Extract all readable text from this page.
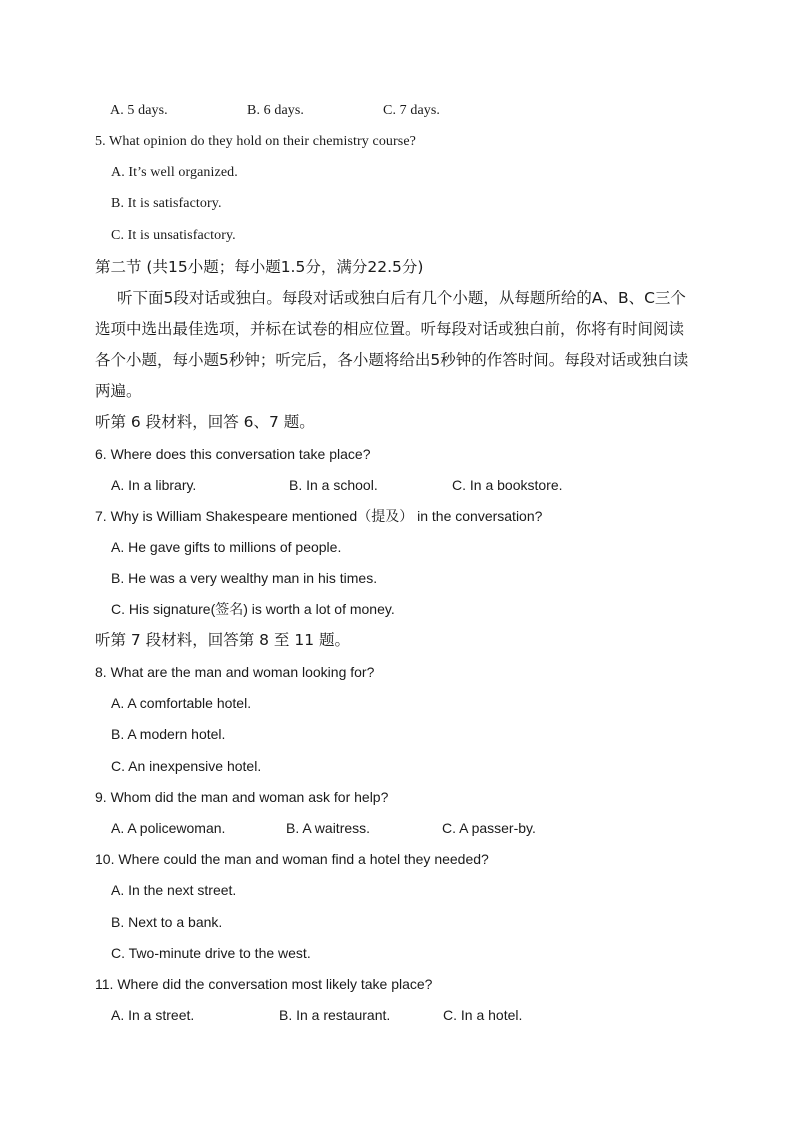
A. 5 days.	B. 6 days.	C. 7 days.
5. What opinion do they hold on their chemistry course?
A. It’s well organized.
B. It is satisfactory.
C. It is unsatisfactory.
第二节 (共15小题；每小题1.5分，满分22.5分)
听下面5段对话或独白。每段对话或独白后有几个小题，从每题所给的A、B、C三个
选项中选出最佳选项，并标在试卷的相应位置。听每段对话或独白前，你将有时间阅读
各个小题，每小题5秒钟；听完后，各小题将给出5秒钟的作答时间。每段对话或独白读
两遍。
听第 6 段材料，回答 6、7 题。
6. Where does this conversation take place?
A. In a library.	B. In a school.	C. In a bookstore.
7. Why is William Shakespeare mentioned（提及） in the conversation?
A. He gave gifts to millions of people.
B. He was a very wealthy man in his times.
C. His signature(签名) is worth a lot of money.
听第 7 段材料，回答第 8 至 11 题。
8. What are the man and woman looking for?
A. A comfortable hotel.
B. A modern hotel.
C. An inexpensive hotel.
9. Whom did the man and woman ask for help?
A. A policewoman.	B. A waitress.	C. A passer-by.
10. Where could the man and woman find a hotel they needed?
A. In the next street.
B. Next to a bank.
C. Two-minute drive to the west.
11. Where did the conversation most likely take place?
A. In a street.	B. In a restaurant.	C. In a hotel.
